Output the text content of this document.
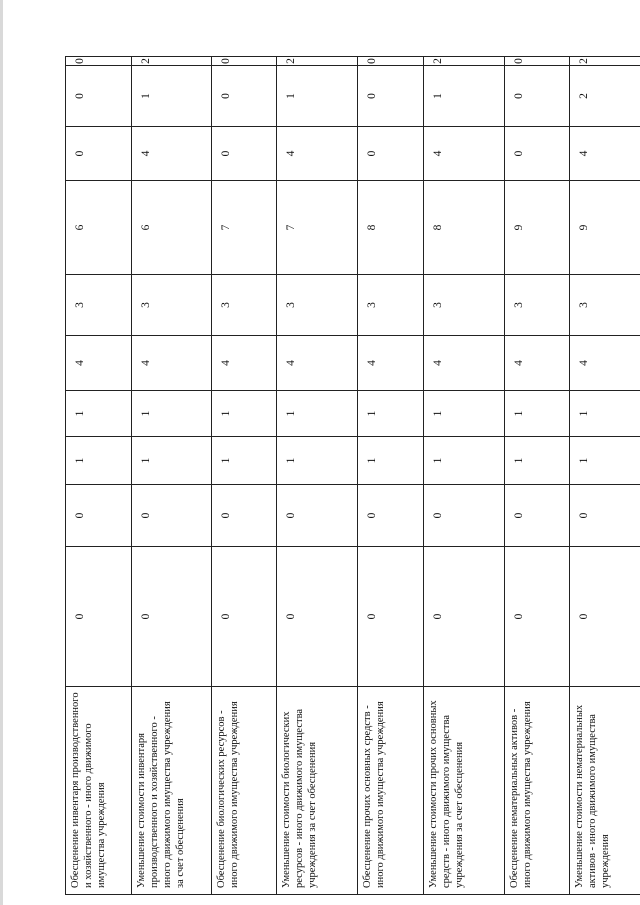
Обесценение инвентаря производственного и хозяйственного - иного движимого имущества учреждения	0	0	1	1	4	3	6	0	0	0	
Уменьшение стоимости инвентаря производственного и хозяйственного - иного движимого имущества учреждения за счет обесценения	0	0	1	1	4	3	6	4	1	2	
Обесценение биологических ресурсов - иного движимого имущества учреждения	0	0	1	1	4	3	7	0	0	0	
Уменьшение стоимости биологических ресурсов - иного движимого имущества учреждения за счет обесценения	0	0	1	1	4	3	7	4	1	2	
Обесценение прочих основных средств - иного движимого имущества учреждения	0	0	1	1	4	3	8	0	0	0	
Уменьшение стоимости прочих основных средств - иного движимого имущества учреждения за счет обесценения	0	0	1	1	4	3	8	4	1	2	
Обесценение нематериальных активов - иного движимого имущества учреждения	0	0	1	1	4	3	9	0	0	0	
Уменьшение стоимости нематериальных активов - иного движимого имущества учреждения	0	0	1	1	4	3	9	4	2	2	
